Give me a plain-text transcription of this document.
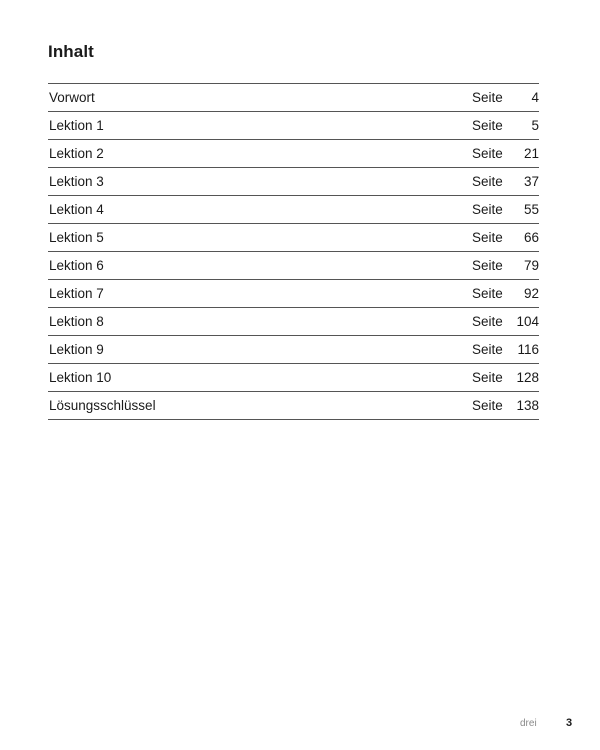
Inhalt
Vorwort	Seite	4
Lektion 1	Seite	5
Lektion 2	Seite	21
Lektion 3	Seite	37
Lektion 4	Seite	55
Lektion 5	Seite	66
Lektion 6	Seite	79
Lektion 7	Seite	92
Lektion 8	Seite	104
Lektion 9	Seite	116
Lektion 10	Seite	128
Lösungsschlüssel	Seite	138
drei	3
